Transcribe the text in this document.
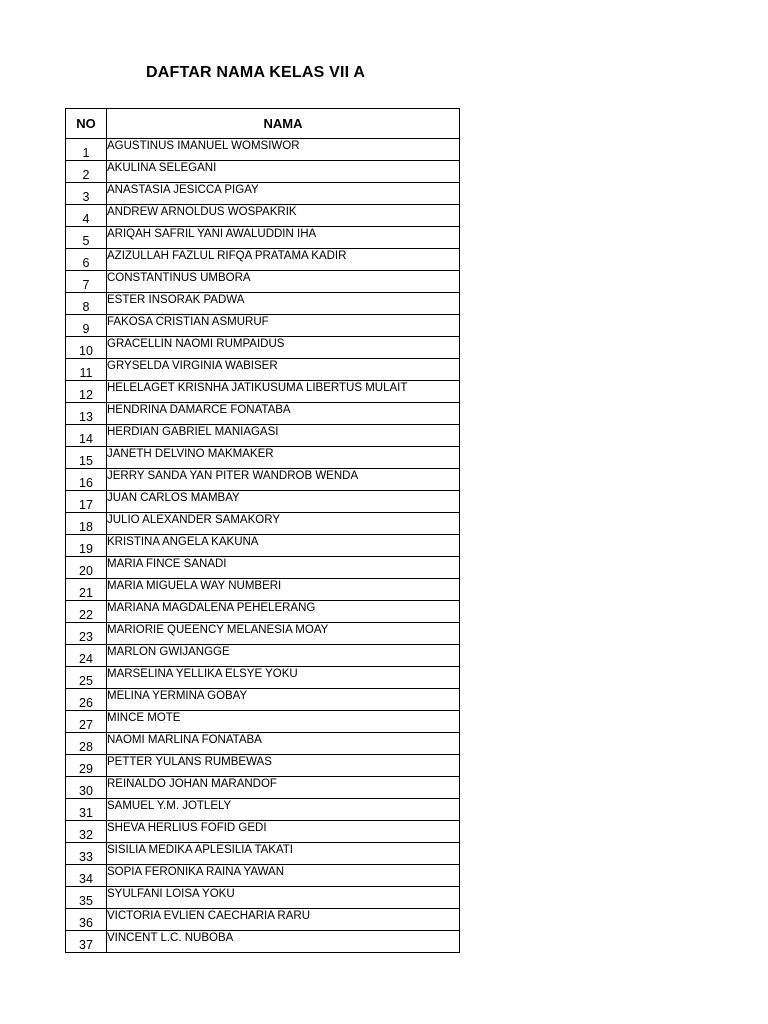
DAFTAR NAMA KELAS VII A
NO	NAMA
1	AGUSTINUS IMANUEL WOMSIWOR
2	AKULINA SELEGANI
3	ANASTASIA JESICCA PIGAY
4	ANDREW ARNOLDUS WOSPAKRIK
5	ARIQAH SAFRIL YANI AWALUDDIN IHA
6	AZIZULLAH FAZLUL RIFQA PRATAMA KADIR
7	CONSTANTINUS UMBORA
8	ESTER INSORAK PADWA
9	FAKOSA CRISTIAN ASMURUF
10	GRACELLIN NAOMI RUMPAIDUS
11	GRYSELDA VIRGINIA WABISER
12	HELELAGET KRISNHA JATIKUSUMA LIBERTUS MULAIT
13	HENDRINA DAMARCE FONATABA
14	HERDIAN GABRIEL MANIAGASI
15	JANETH DELVINO MAKMAKER
16	JERRY SANDA YAN PITER WANDROB WENDA
17	JUAN CARLOS MAMBAY
18	JULIO ALEXANDER SAMAKORY
19	KRISTINA ANGELA KAKUNA
20	MARIA FINCE SANADI
21	MARIA MIGUELA WAY NUMBERI
22	MARIANA MAGDALENA PEHELERANG
23	MARIORIE QUEENCY MELANESIA MOAY
24	MARLON GWIJANGGE
25	MARSELINA YELLIKA ELSYE YOKU
26	MELINA YERMINA GOBAY
27	MINCE MOTE
28	NAOMI MARLINA FONATABA
29	PETTER YULANS RUMBEWAS
30	REINALDO JOHAN MARANDOF
31	SAMUEL Y.M. JOTLELY
32	SHEVA HERLIUS FOFID GEDI
33	SISILIA MEDIKA APLESILIA TAKATI
34	SOPIA FERONIKA RAINA YAWAN
35	SYULFANI LOISA YOKU
36	VICTORIA EVLIEN CAECHARIA RARU
37	VINCENT L.C. NUBOBA
